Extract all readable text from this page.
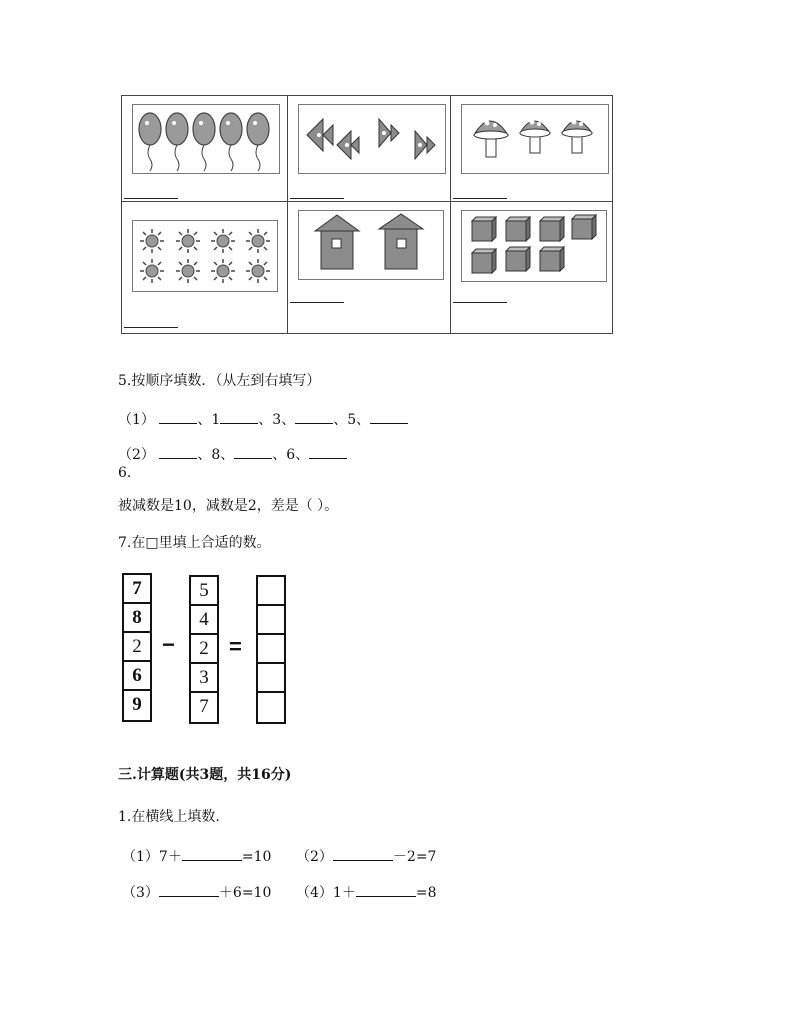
5.按顺序填数．（从左到右填写）
（1）	、1	、3、	、5、
（2）	、8、	、6、
6.
被减数是10，减数是2，差是（ ）。
7.在□里填上合适的数。
7
8
2
6
9
−
5
4
2
3
7
=
三.计算题(共3题，共16分)
1.在横线上填数.
（1）7＋	=10 （2）	－2=7
（3）	＋6=10 （4）1＋	=8
